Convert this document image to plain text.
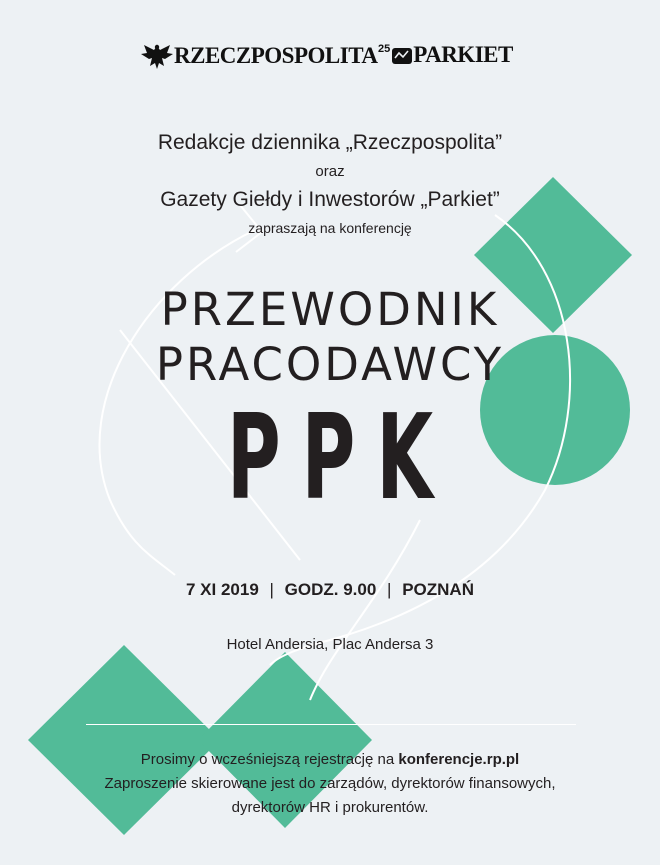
RZECZPOSPOLITA 25 PARKIET
Redakcje dziennika „Rzeczpospolita”
oraz
Gazety Giełdy i Inwestorów „Parkiet”
zapraszają na konferencję
PRZEWODNIK
PRACODAWCY
PPK
7 XI 2019 | GODZ. 9.00 | POZNAŃ
Hotel Andersia, Plac Andersa 3
Prosimy o wcześniejszą rejestrację na konferencje.rp.pl
Zaproszenie skierowane jest do zarządów, dyrektorów finansowych,
dyrektorów HR i prokurentów.
